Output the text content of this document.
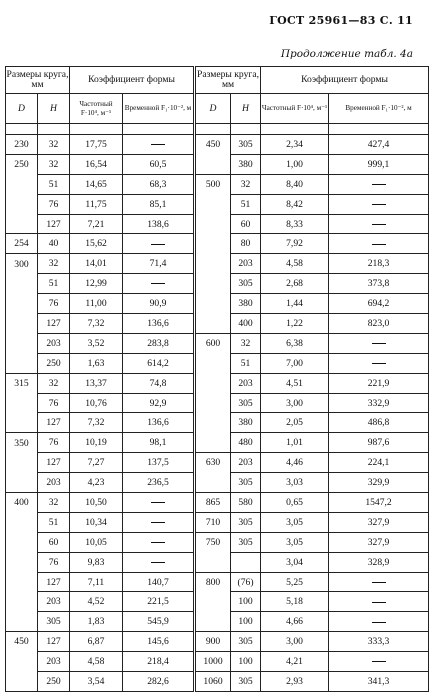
ГОСТ 25961—83 С. 11
Продолжение табл. 4а
Размеры круга, мм		Коэффициент формы		Размеры круга, мм		Коэффициент формы	
D	H	Частотный F·10⁴, м⁻¹	Временной F₁·10⁻², м	D	H	Частотный F·10⁴, м⁻¹	Временной F₁·10⁻², м

230	32	17,75		450	305	2,34	427,4
250	32	16,54	60,5		380	1,00	999,1
	51	14,65	68,3	500	32	8,40	
	76	11,75	85,1		51	8,42	
	127	7,21	138,6		60	8,33	
254	40	15,62			80	7,92	
300	32	14,01	71,4		203	4,58	218,3
	51	12,99			305	2,68	373,8
	76	11,00	90,9		380	1,44	694,2
	127	7,32	136,6		400	1,22	823,0
	203	3,52	283,8	600	32	6,38	
	250	1,63	614,2		51	7,00	
315	32	13,37	74,8		203	4,51	221,9
	76	10,76	92,9		305	3,00	332,9
	127	7,32	136,6		380	2,05	486,8
350	76	10,19	98,1		480	1,01	987,6
	127	7,27	137,5	630	203	4,46	224,1
	203	4,23	236,5		305	3,03	329,9
400	32	10,50		865	580	0,65	1547,2
	51	10,34		710	305	3,05	327,9
	60	10,05		750	305	3,05	327,9
	76	9,83				3,04	328,9
	127	7,11	140,7	800	(76)	5,25	
	203	4,52	221,5		100	5,18	
	305	1,83	545,9		100	4,66	
450	127	6,87	145,6	900	305	3,00	333,3
	203	4,58	218,4	1000	100	4,21	
	250	3,54	282,6	1060	305	2,93	341,3
